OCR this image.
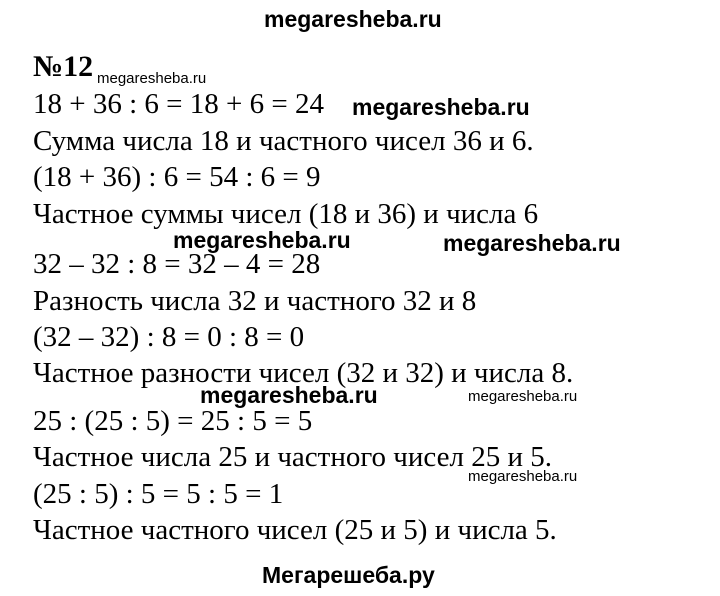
megaresheba.ru
№12 megaresheba.ru
18 + 36 : 6 = 18 + 6 = 24 megaresheba.ru
Сумма числа 18 и частного чисел 36 и 6.
(18 + 36) : 6 = 54 : 6 = 9
Частное суммы чисел (18 и 36) и числа 6
megaresheba.ru	megaresheba.ru
32 – 32 : 8 = 32 – 4 = 28
Разность числа 32 и частного 32 и 8
(32 – 32) : 8 = 0 : 8 = 0
Частное разности чисел (32 и 32) и числа 8.
megaresheba.ru	megaresheba.ru
25 : (25 : 5) = 25 : 5 = 5
Частное числа 25 и частного чисел 25 и 5.
megaresheba.ru
(25 : 5) : 5 = 5 : 5 = 1
Частное частного чисел (25 и 5) и числа 5.
Мегарешеба.ру
